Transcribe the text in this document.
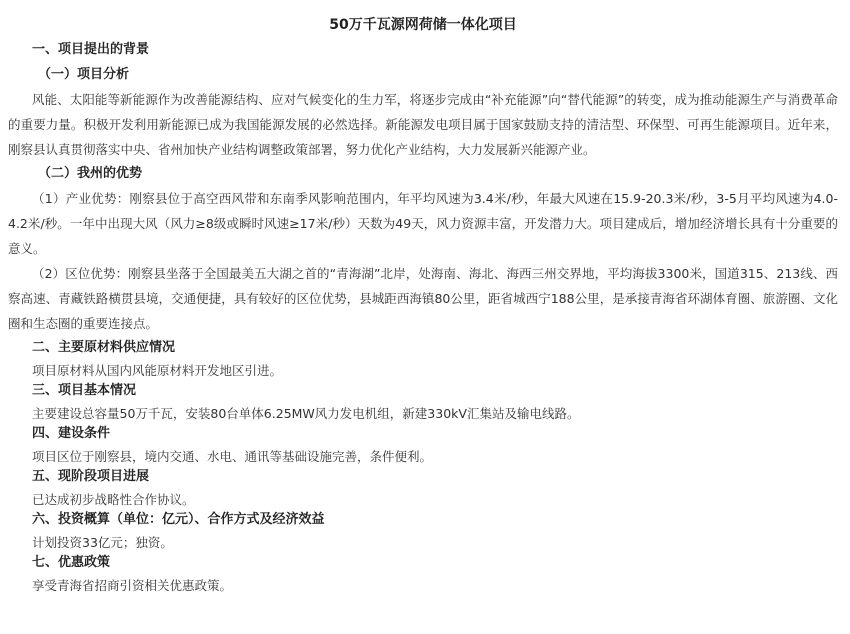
50万千瓦源网荷储一体化项目
一、项目提出的背景
（一）项目分析

风能、太阳能等新能源作为改善能源结构、应对气候变化的生力军，将逐步完成由“补充能源”向“替代能源”的转变，成为推动能源生产与消费革命的重要力量。积极开发利用新能源已成为我国能源发展的必然选择。新能源发电项目属于国家鼓励支持的清洁型、环保型、可再生能源项目。近年来，刚察县认真贯彻落实中央、省州加快产业结构调整政策部署，努力优化产业结构，大力发展新兴能源产业。

（二）我州的优势

（1）产业优势：刚察县位于高空西风带和东南季风影响范围内，年平均风速为3.4米/秒，年最大风速在15.9-20.3米/秒，3-5月平均风速为4.0-4.2米/秒。一年中出现大风（风力≥8级或瞬时风速≥17米/秒）天数为49天，风力资源丰富，开发潜力大。项目建成后，增加经济增长具有十分重要的意义。

（2）区位优势：刚察县坐落于全国最美五大湖之首的“青海湖”北岸，处海南、海北、海西三州交界地，平均海拔3300米，国道315、213线、西察高速、青藏铁路横贯县境，交通便捷，具有较好的区位优势，县城距西海镇80公里，距省城西宁188公里，是承接青海省环湖体育圈、旅游圈、文化圈和生态圈的重要连接点。

二、主要原材料供应情况

项目原材料从国内风能原材料开发地区引进。

三、项目基本情况

主要建设总容量50万千瓦，安装80台单体6.25MW风力发电机组，新建330kV汇集站及输电线路。

四、建设条件

项目区位于刚察县，境内交通、水电、通讯等基础设施完善，条件便利。

五、现阶段项目进展

已达成初步战略性合作协议。

六、投资概算（单位：亿元）、合作方式及经济效益

计划投资33亿元；独资。

七、优惠政策

享受青海省招商引资相关优惠政策。
